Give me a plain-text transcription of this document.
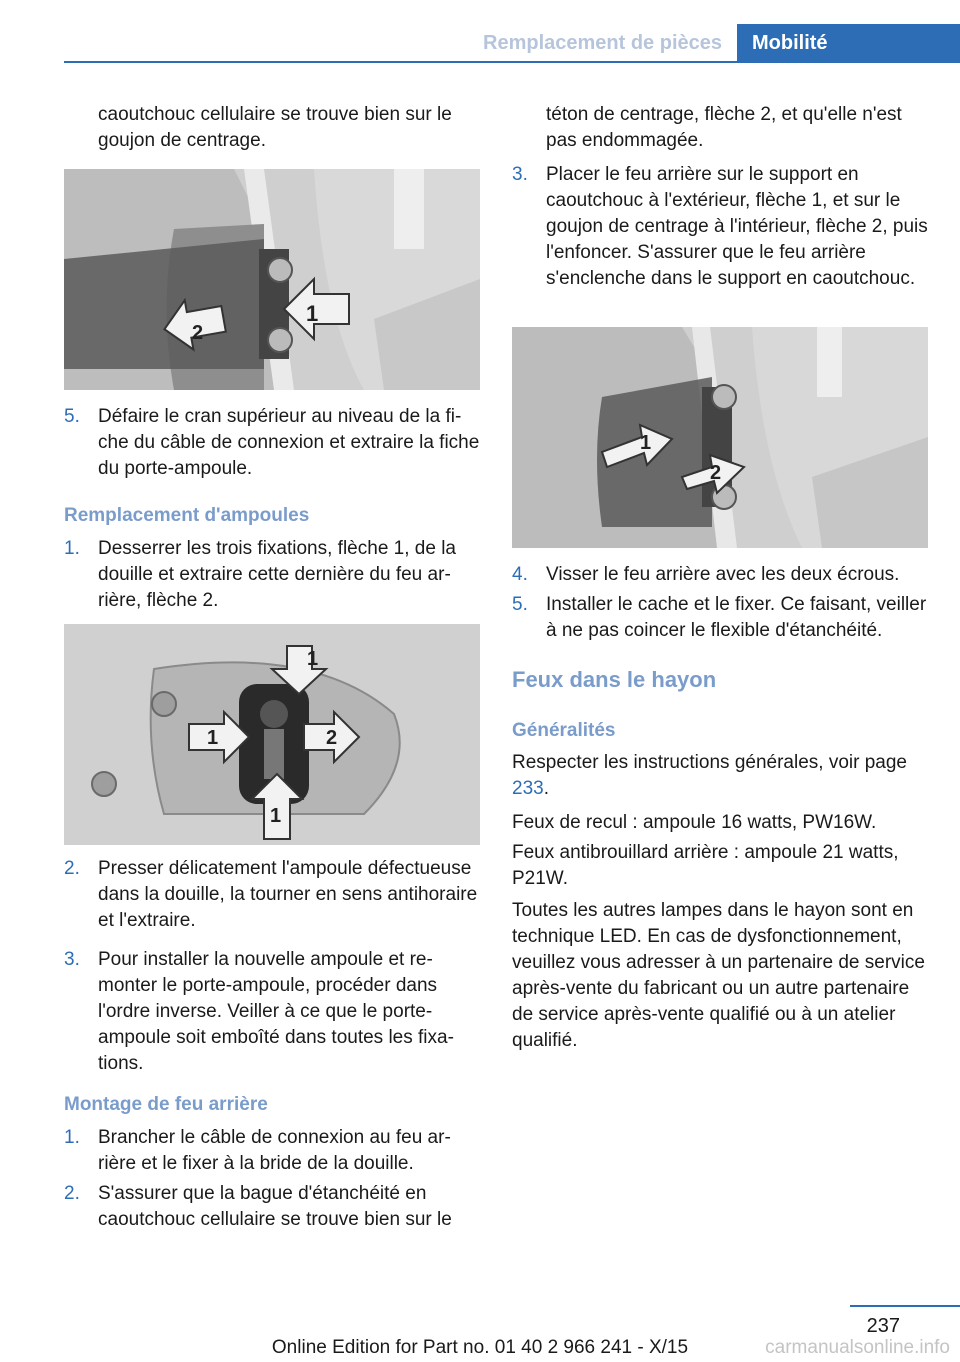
Remplacement de pièces	Mobilité

caoutchouc cellulaire se trouve bien sur le goujon de centrage.

1
2
5. Défaire le cran supérieur au niveau de la fiche du câble de connexion et extraire la fiche du porte-ampoule.
Remplacement d'ampoules
1. Desserrer les trois fixations, flèche 1, de la douille et extraire cette dernière du feu arrière, flèche 2.
1
1
1
2
2. Presser délicatement l'ampoule défectueuse dans la douille, la tourner en sens antihoraire et l'extraire.
3. Pour installer la nouvelle ampoule et remonter le porte-ampoule, procéder dans l'ordre inverse. Veiller à ce que le porte-ampoule soit emboîté dans toutes les fixations.
Montage de feu arrière
1. Brancher le câble de connexion au feu arrière et le fixer à la bride de la douille.
2. S'assurer que la bague d'étanchéité en caoutchouc cellulaire se trouve bien sur le

téton de centrage, flèche 2, et qu'elle n'est pas endommagée.

3. Placer le feu arrière sur le support en caoutchouc à l'extérieur, flèche 1, et sur le goujon de centrage à l'intérieur, flèche 2, puis l'enfoncer. S'assurer que le feu arrière s'enclenche dans le support en caoutchouc.
1
2
4. Visser le feu arrière avec les deux écrous.
5. Installer le cache et le fixer. Ce faisant, veiller à ne pas coincer le flexible d'étanchéité.
Feux dans le hayon
Généralités

Respecter les instructions générales, voir page 233.

Feux de recul : ampoule 16 watts, PW16W.

Feux antibrouillard arrière : ampoule 21 watts, P21W.

Toutes les autres lampes dans le hayon sont en technique LED. En cas de dysfonctionnement, veuillez vous adresser à un partenaire de service après-vente du fabricant ou un autre partenaire de service après-vente qualifié ou à un atelier qualifié.

237
carmanualsonline.info
Online Edition for Part no. 01 40 2 966 241 - X/15
